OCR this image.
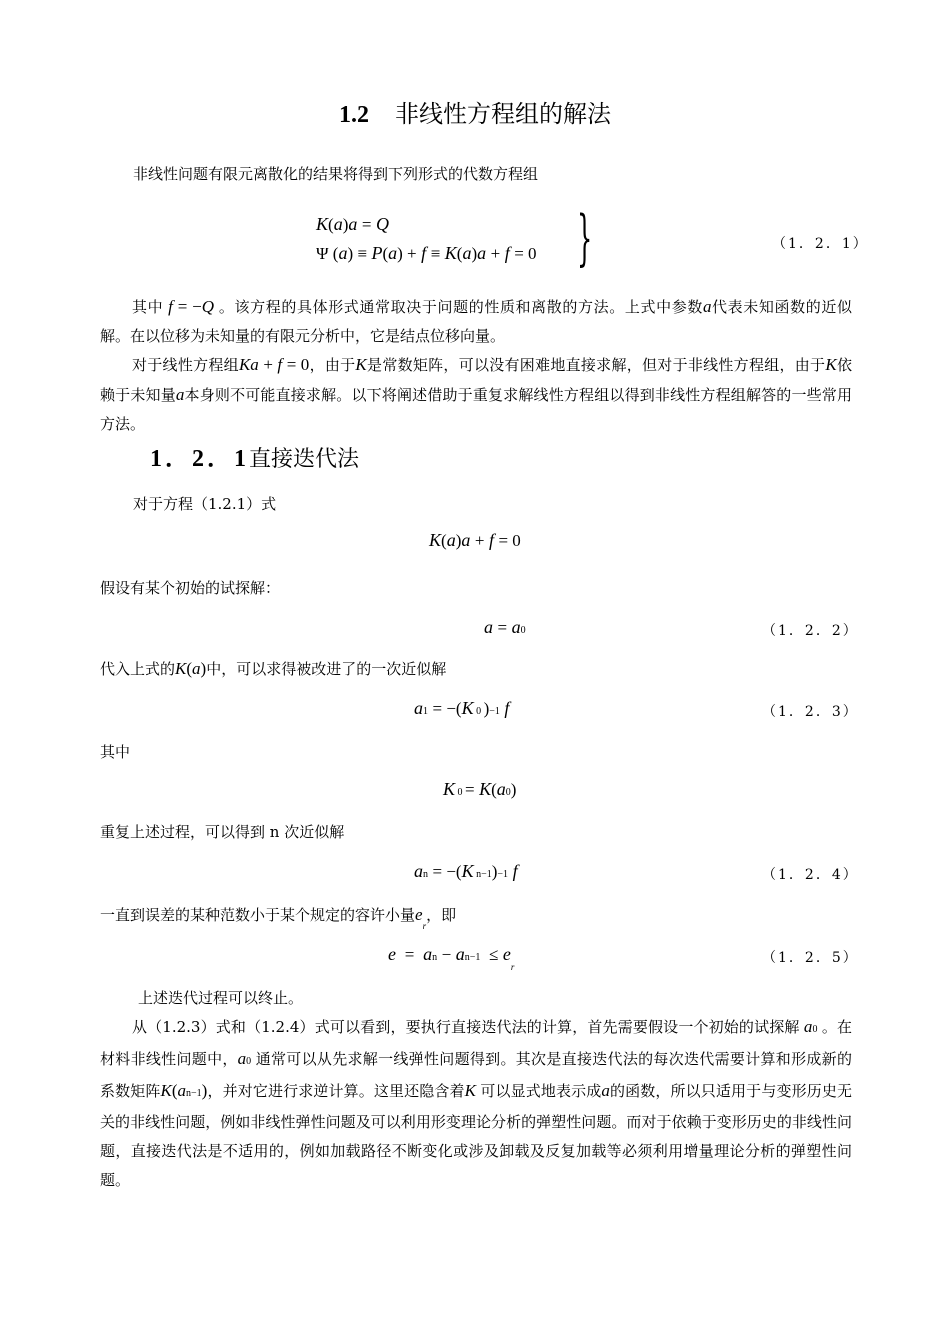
1.2 非线性方程组的解法
非线性问题有限元离散化的结果将得到下列形式的代数方程组
K(a)a = Q
Ψ (a) ≡ P(a) + f ≡ K(a)a + f = 0 }	（1．2．1）
其中 f = −Q 。该方程的具体形式通常取决于问题的性质和离散的方法。上式中参数a代表未知函数的近似解。在以位移为未知量的有限元分析中，它是结点位移向量。
对于线性方程组Ka + f = 0，由于K是常数矩阵，可以没有困难地直接求解，但对于非线性方程组，由于K依赖于未知量a本身则不可能直接求解。以下将阐述借助于重复求解线性方程组以得到非线性方程组解答的一些常用方法。
1．2．1直接迭代法
对于方程（1.2.1）式
K(a)a + f = 0
假设有某个初始的试探解：
a = a0	（1．2．2）
代入上式的K(a)中，可以求得被改进了的一次近似解
a1 = −(K 0 )−1 f	（1．2．3）
其中
K 0 = K(a0)
重复上述过程，可以得到 n 次近似解
an = −(K n−1)−1 f	（1．2．4）
一直到误差的某种范数小于某个规定的容许小量$e_r$，即
e  =  an − $an-1 \le e_r$
（1．2．5）
上述迭代过程可以终止。
从（1.2.3）式和（1.2.4）式可以看到，要执行直接迭代法的计算，首先需要假设一个初始的试探解 a0 。在材料非线性问题中，a0 通常可以从先求解一线弹性问题得到。其次是直接迭代法的每次迭代需要计算和形成新的系数矩阵K(an−1)，并对它进行求逆计算。这里还隐含着K 可以显式地表示成a的函数，所以只适用于与变形历史无关的非线性问题，例如非线性弹性问题及可以利用形变理论分析的弹塑性问题。而对于依赖于变形历史的非线性问题，直接迭代法是不适用的，例如加载路径不断变化或涉及卸载及反复加载等必须利用增量理论分析的弹塑性问题。
